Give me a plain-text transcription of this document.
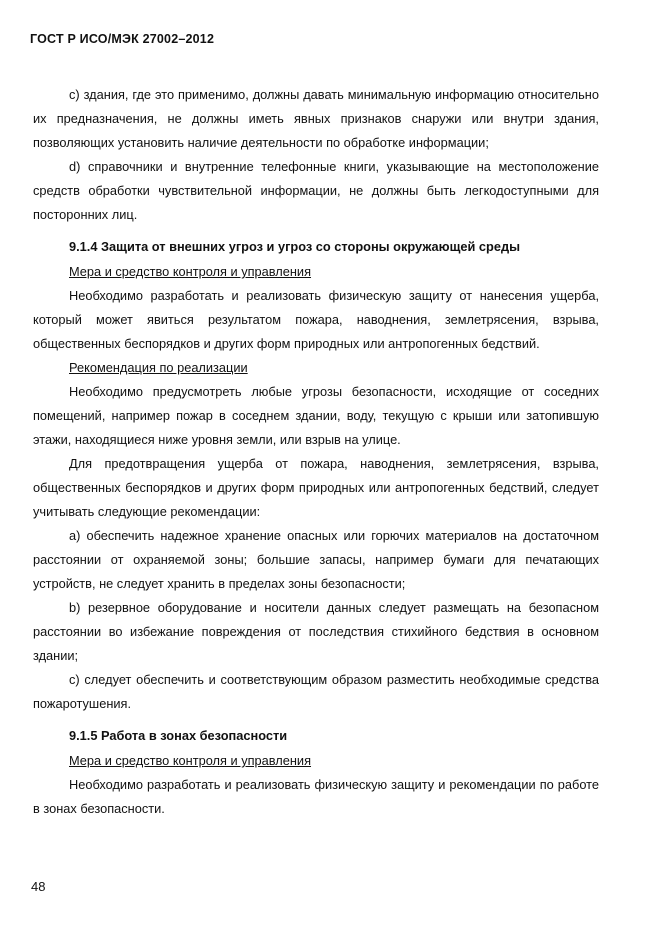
ГОСТ Р ИСО/МЭК 27002–2012

c) здания, где это применимо, должны давать минимальную информацию относительно их предназначения, не должны иметь явных признаков снаружи или внутри здания, позволяющих установить наличие деятельности по обработке информации;

d) справочники и внутренние телефонные книги, указывающие на местоположение средств обработки чувствительной информации, не должны быть легкодоступными для посторонних лиц.

9.1.4 Защита от внешних угроз и угроз со стороны окружающей среды
Мера и средство контроля и управления

Необходимо разработать и реализовать физическую защиту от нанесения ущерба, который может явиться результатом пожара, наводнения, землетрясения, взрыва, общественных беспорядков и других форм природных или антропогенных бедствий.

Рекомендация по реализации

Необходимо предусмотреть любые угрозы безопасности, исходящие от соседних помещений, например пожар в соседнем здании, воду, текущую с крыши или затопившую этажи, находящиеся ниже уровня земли, или взрыв на улице.

Для предотвращения ущерба от пожара, наводнения, землетрясения, взрыва, общественных беспорядков и других форм природных или антропогенных бедствий, следует учитывать следующие рекомендации:

a) обеспечить надежное хранение опасных или горючих материалов на достаточном расстоянии от охраняемой зоны; большие запасы, например бумаги для печатающих устройств, не следует хранить в пределах зоны безопасности;

b) резервное оборудование и носители данных следует размещать на безопасном расстоянии во избежание повреждения от последствия стихийного бедствия в основном здании;

c) следует обеспечить и соответствующим образом разместить необходимые средства пожаротушения.

9.1.5 Работа в зонах безопасности
Мера и средство контроля и управления

Необходимо разработать и реализовать физическую защиту и рекомендации по работе в зонах безопасности.

48
